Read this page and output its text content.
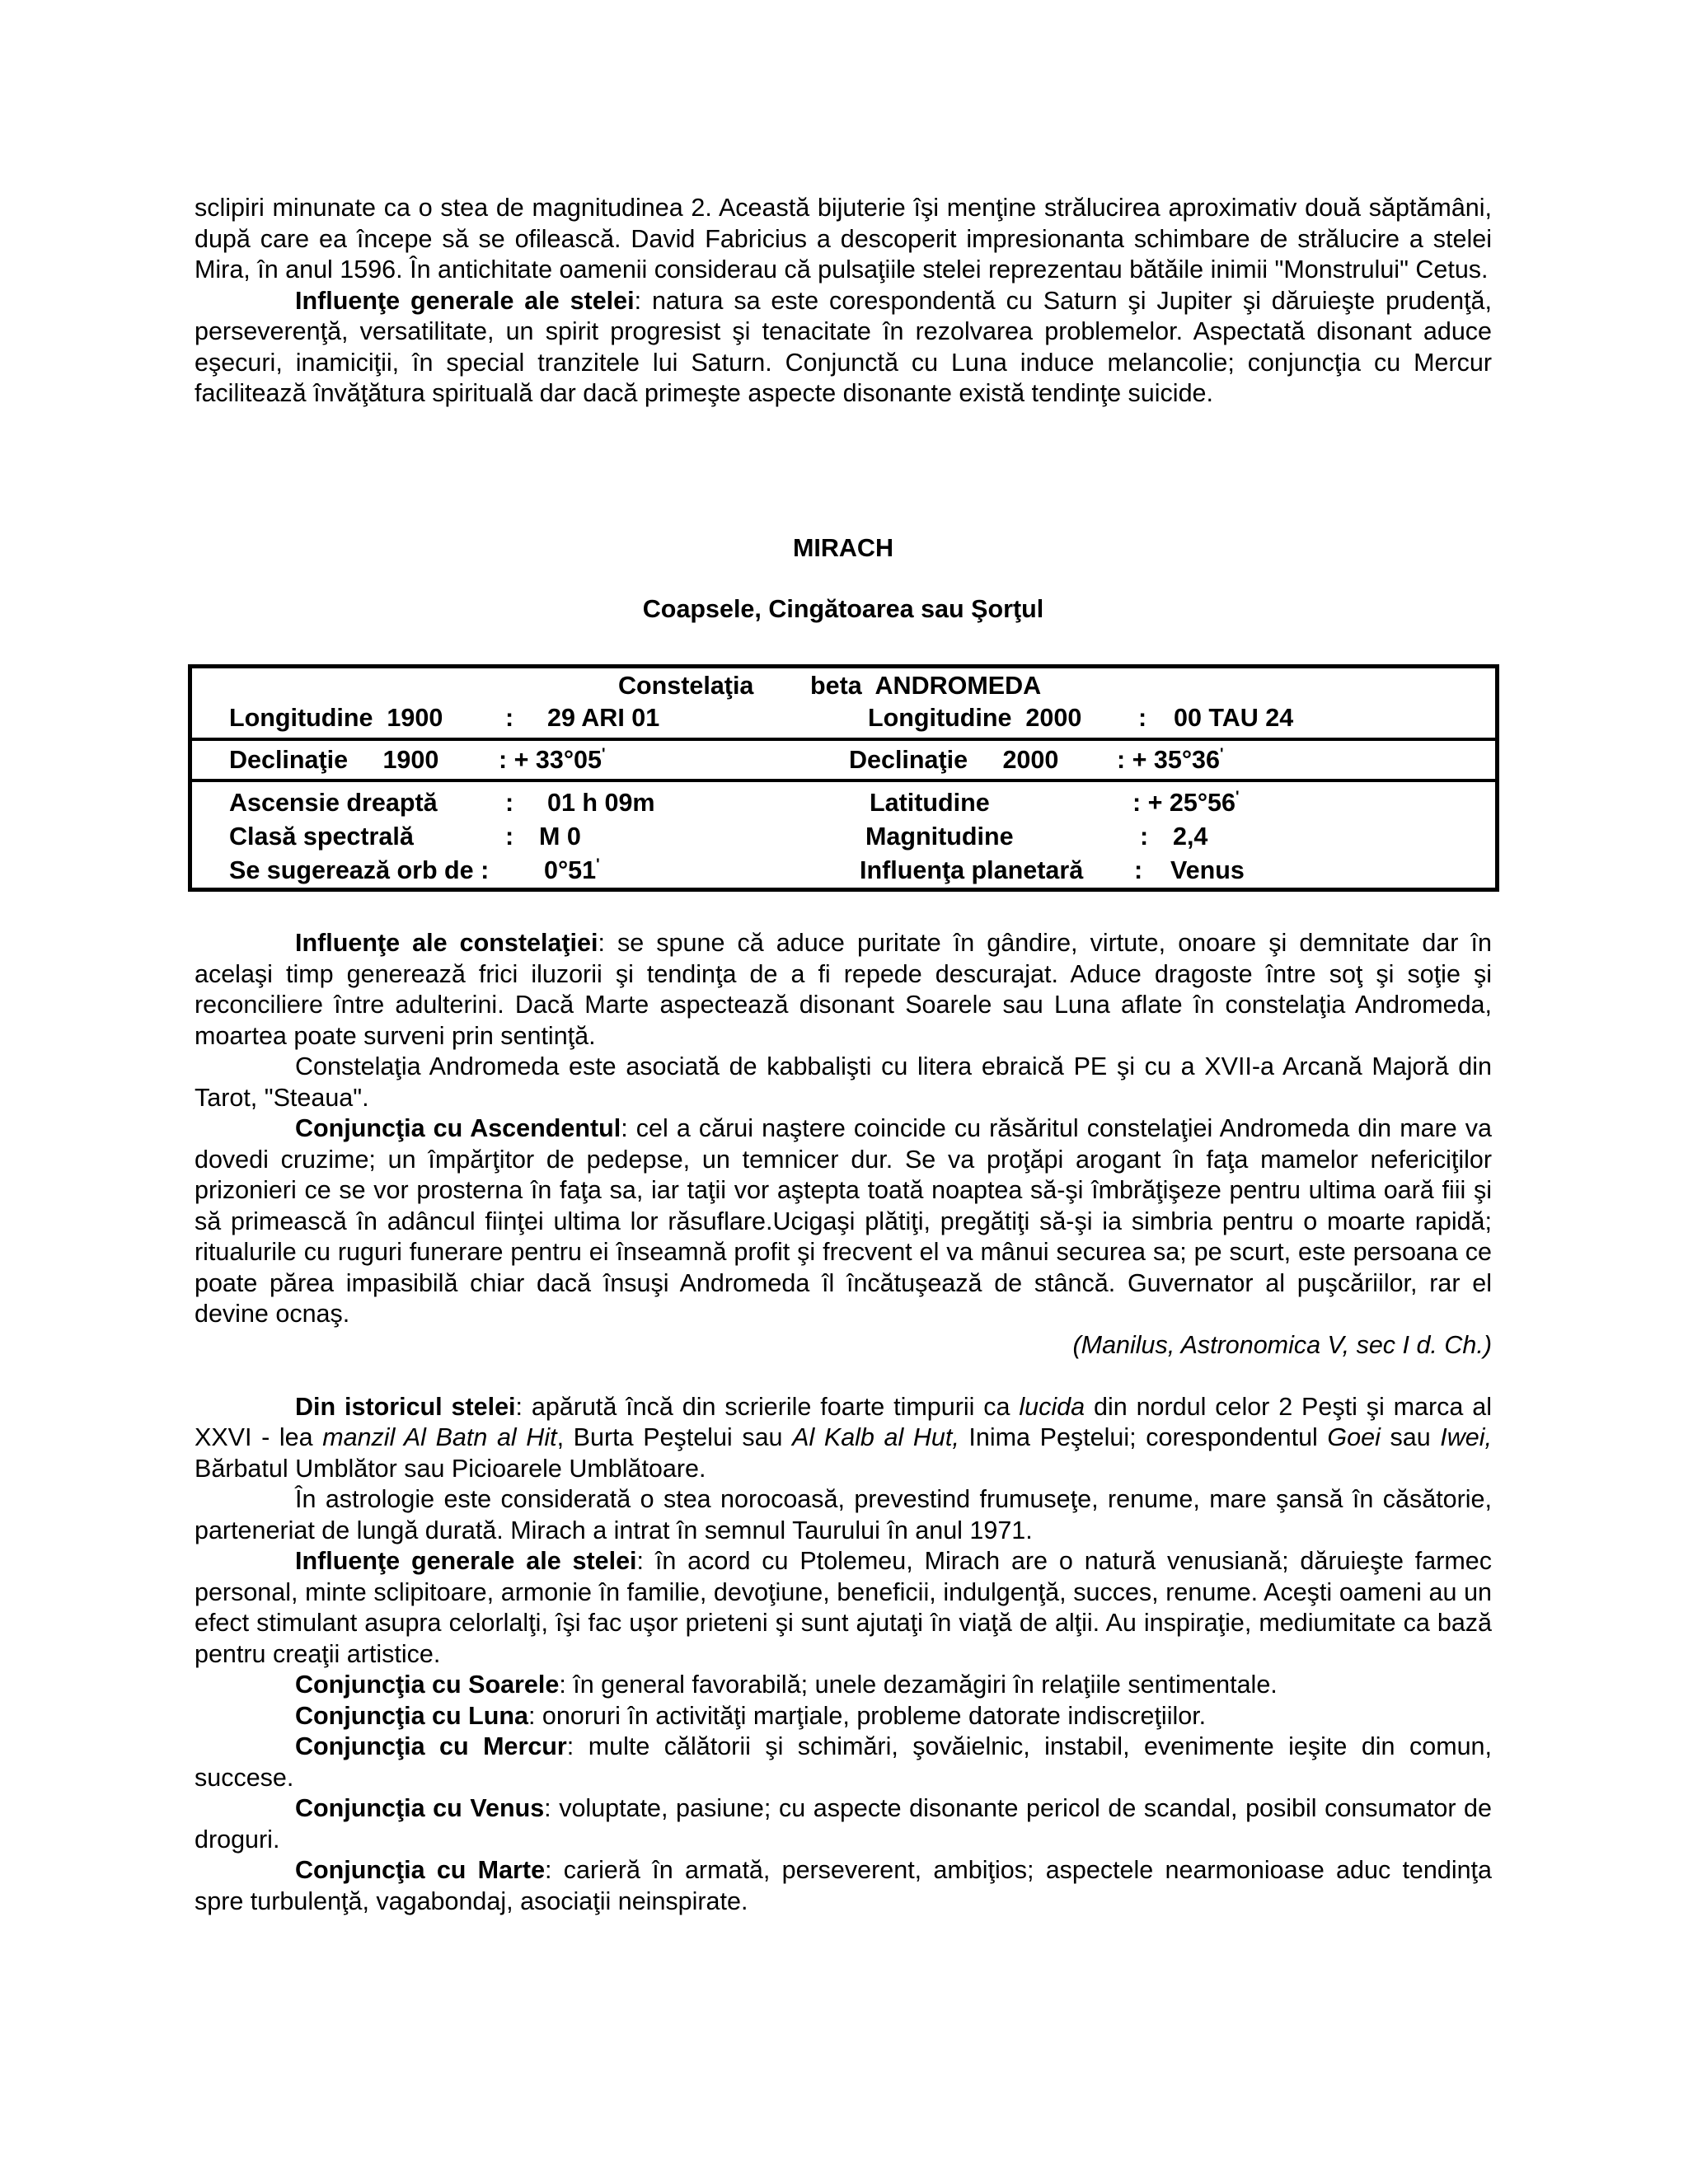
sclipiri minunate ca o stea de magnitudinea 2. Această bijuterie îşi menţine strălucirea aproximativ două săptămâni, după care ea începe să se ofilească. David Fabricius a descoperit impresionanta schimbare de strălucire a stelei Mira, în anul 1596. În antichitate oamenii considerau că pulsaţiile stelei reprezentau bătăile inimii "Monstrului" Cetus.

Influenţe generale ale stelei: natura sa este corespondentă cu Saturn şi Jupiter şi dăruieşte prudenţă, perseverenţă, versatilitate, un spirit progresist şi tenacitate în rezolvarea problemelor. Aspectată disonant aduce eşecuri, inamiciţii, în special tranzitele lui Saturn. Conjunctă cu Luna induce melancolie; conjuncţia cu Mercur facilitează învăţătura spirituală dar dacă primeşte aspecte disonante există tendinţe suicide.

MIRACH
Coapsele, Cingătoarea sau Şorţul
Constelaţia beta  ANDROMEDA
Longitudine  1900 : 29 ARI 01	Longitudine  2000 : 00 TAU 24
Declinaţie     1900 : + 33°05'	Declinaţie     2000 : + 35°36'
Ascensie dreaptă	: 01 h 09m	Latitudine	: + 25°56'
Clasă spectrală	: M 0	Magnitudine	: 2,4
Se sugerează orb de : 0°51'	Influenţa planetară : Venus

Influenţe ale constelaţiei: se spune că aduce puritate în gândire, virtute, onoare şi demnitate dar în acelaşi timp generează frici iluzorii şi tendinţa de a fi repede descurajat. Aduce dragoste între soţ şi soţie şi reconciliere între adulterini. Dacă Marte aspectează disonant Soarele sau Luna aflate în constelaţia Andromeda, moartea poate surveni prin sentinţă.

Constelaţia Andromeda este asociată de kabbalişti cu litera ebraică PE şi cu a XVII-a Arcană Majoră din Tarot, "Steaua".

Conjuncţia cu Ascendentul: cel a cărui naştere coincide cu răsăritul constelaţiei Andromeda din mare va dovedi cruzime; un împărţitor de pedepse, un temnicer dur. Se va proţăpi arogant în faţa mamelor nefericiţilor prizonieri ce se vor prosterna în faţa sa, iar taţii vor aştepta toată noaptea să-şi îmbrăţişeze pentru ultima oară fiii şi să primească în adâncul fiinţei ultima lor răsuflare.Ucigaşi plătiţi, pregătiţi să-şi ia simbria pentru o moarte rapidă; ritualurile cu ruguri funerare pentru ei înseamnă profit şi frecvent el va mânui securea sa; pe scurt, este persoana ce poate părea impasibilă chiar dacă însuşi Andromeda îl încătuşează de stâncă. Guvernator al puşcăriilor, rar el devine ocnaş.

(Manilus, Astronomica V, sec I d. Ch.)

Din istoricul stelei: apărută încă din scrierile foarte timpurii ca lucida din nordul celor 2 Peşti şi marca al XXVI - lea manzil Al Batn al Hit, Burta Peştelui sau Al Kalb al Hut, Inima Peştelui; corespondentul Goei sau Iwei, Bărbatul Umblător sau Picioarele Umblătoare.

În astrologie este considerată o stea norocoasă, prevestind frumuseţe, renume, mare şansă în căsătorie, parteneriat de lungă durată. Mirach a intrat în semnul Taurului în anul 1971.

Influenţe generale ale stelei: în acord cu Ptolemeu, Mirach are o natură venusiană; dăruieşte farmec personal, minte sclipitoare, armonie în familie, devoţiune, beneficii, indulgenţă, succes, renume. Aceşti oameni au un efect stimulant asupra celorlalţi, îşi fac uşor prieteni şi sunt ajutaţi în viaţă de alţii. Au inspiraţie, mediumitate ca bază pentru creaţii artistice.

Conjuncţia cu Soarele: în general favorabilă; unele dezamăgiri în relaţiile sentimentale.

Conjuncţia cu Luna: onoruri în activităţi marţiale, probleme datorate indiscreţiilor.

Conjuncţia cu Mercur: multe călătorii şi schimări, şovăielnic, instabil, evenimente ieşite din comun, succese.

Conjuncţia cu Venus: voluptate, pasiune; cu aspecte disonante pericol de scandal, posibil consumator de droguri.

Conjuncţia cu Marte: carieră în armată, perseverent, ambiţios; aspectele nearmonioase aduc tendinţa spre turbulenţă, vagabondaj, asociaţii neinspirate.
